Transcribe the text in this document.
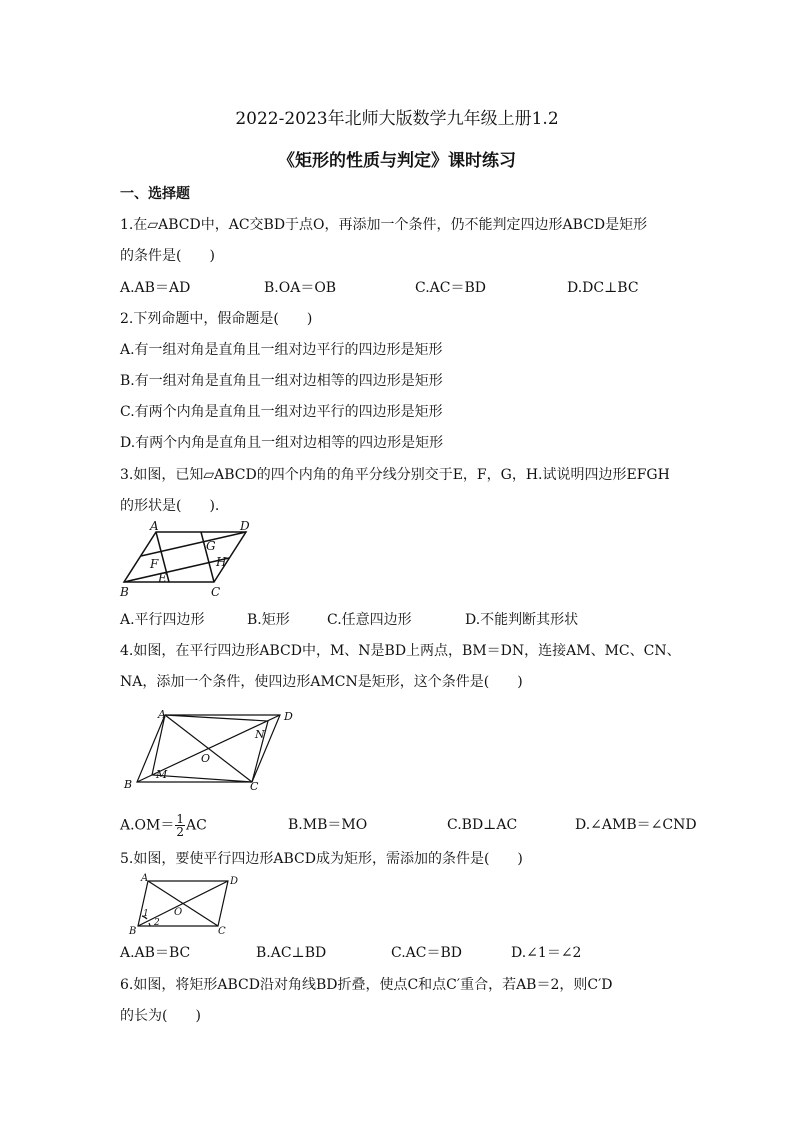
2022-2023年北师大版数学九年级上册1.2
《矩形的性质与判定》课时练习
一、选择题
1.在▱ABCD中，AC交BD于点O，再添加一个条件，仍不能判定四边形ABCD是矩形
的条件是(　　)
A.AB＝AD	B.OA＝OB	C.AC＝BD	D.DC⊥BC
2.下列命题中，假命题是(　　)
A.有一组对角是直角且一组对边平行的四边形是矩形
B.有一组对角是直角且一组对边相等的四边形是矩形
C.有两个内角是直角且一组对边平行的四边形是矩形
D.有两个内角是直角且一组对边相等的四边形是矩形
3.如图，已知▱ABCD的四个内角的角平分线分别交于E，F，G，H.试说明四边形EFGH
的形状是(　　).
A	D
G
F	H
E
B	C
A.平行四边形	B.矩形	C.任意四边形	D.不能判断其形状
4.如图，在平行四边形ABCD中，M、N是BD上两点，BM＝DN，连接AM、MC、CN、
NA，添加一个条件，使四边形AMCN是矩形，这个条件是(　　)
A	D
N
O
M
B	C
$A.OM= \frac{1}{2}$ AC	B.MB＝MO	C.BD⊥AC	D.∠AMB＝∠CND
5.如图，要使平行四边形ABCD成为矩形，需添加的条件是(　　)
A	D
O
1
2
B	C
A.AB＝BC	B.AC⊥BD	C.AC＝BD	D.∠1＝∠2
6.如图，将矩形ABCD沿对角线BD折叠，使点C和点C′重合，若AB＝2，则C′D
的长为(　　)
